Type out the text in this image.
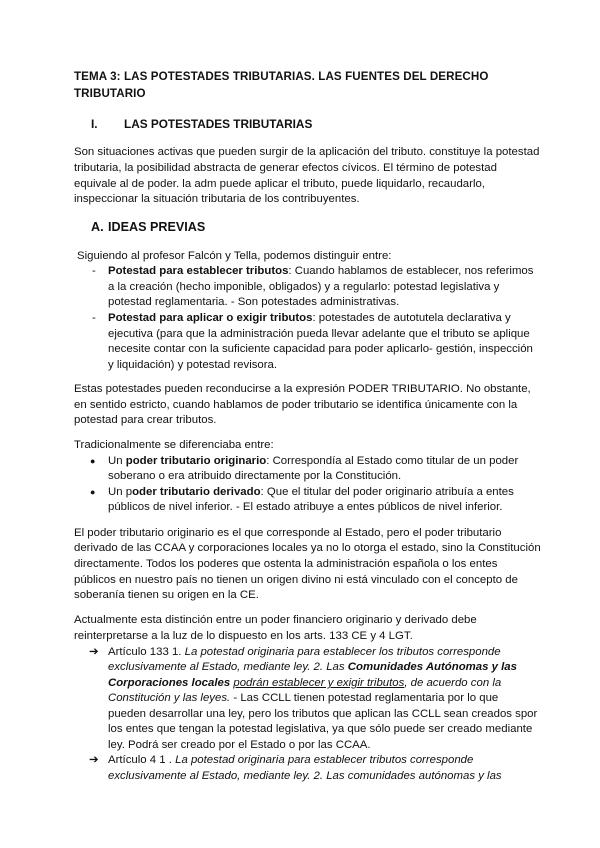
TEMA 3: LAS POTESTADES TRIBUTARIAS. LAS FUENTES DEL DERECHO
TRIBUTARIO
I. LAS POTESTADES TRIBUTARIAS
Son situaciones activas que pueden surgir de la aplicación del tributo. constituye la potestad
tributaria, la posibilidad abstracta de generar efectos cívicos. El término de potestad
equivale al de poder. la adm puede aplicar el tributo, puede liquidarlo, recaudarlo,
inspeccionar la situación tributaria de los contribuyentes.
A. IDEAS PREVIAS
Siguiendo al profesor Falcón y Tella, podemos distinguir entre:
- Potestad para establecer tributos: Cuando hablamos de establecer, nos referimos
a la creación (hecho imponible, obligados) y a regularlo: potestad legislativa y
potestad reglamentaria. - Son potestades administrativas.
- Potestad para aplicar o exigir tributos: potestades de autotutela declarativa y
ejecutiva (para que la administración pueda llevar adelante que el tributo se aplique
necesite contar con la suficiente capacidad para poder aplicarlo- gestión, inspección
y liquidación) y potestad revisora.
Estas potestades pueden reconducirse a la expresión PODER TRIBUTARIO. No obstante,
en sentido estricto, cuando hablamos de poder tributario se identifica únicamente con la
potestad para crear tributos.
Tradicionalmente se diferenciaba entre:
● Un poder tributario originario: Correspondía al Estado como titular de un poder
soberano o era atribuido directamente por la Constitución.
● Un poder tributario derivado: Que el titular del poder originario atribuía a entes
públicos de nivel inferior. - El estado atribuye a entes públicos de nivel inferior.
El poder tributario originario es el que corresponde al Estado, pero el poder tributario
derivado de las CCAA y corporaciones locales ya no lo otorga el estado, sino la Constitución
directamente. Todos los poderes que ostenta la administración española o los entes
públicos en nuestro país no tienen un origen divino ni está vinculado con el concepto de
soberanía tienen su origen en la CE.
Actualmente esta distinción entre un poder financiero originario y derivado debe
reinterpretarse a la luz de lo dispuesto en los arts. 133 CE y 4 LGT.
➔ Artículo 133 1. La potestad originaria para establecer los tributos corresponde
exclusivamente al Estado, mediante ley. 2. Las Comunidades Autónomas y las
Corporaciones locales podrán establecer y exigir tributos, de acuerdo con la
Constitución y las leyes. - Las CCLL tienen potestad reglamentaria por lo que
pueden desarrollar una ley, pero los tributos que aplican las CCLL sean creados spor
los entes que tengan la potestad legislativa, ya que sólo puede ser creado mediante
ley. Podrá ser creado por el Estado o por las CCAA.
➔ Artículo 4 1 . La potestad originaria para establecer tributos corresponde
exclusivamente al Estado, mediante ley. 2. Las comunidades autónomas y las
